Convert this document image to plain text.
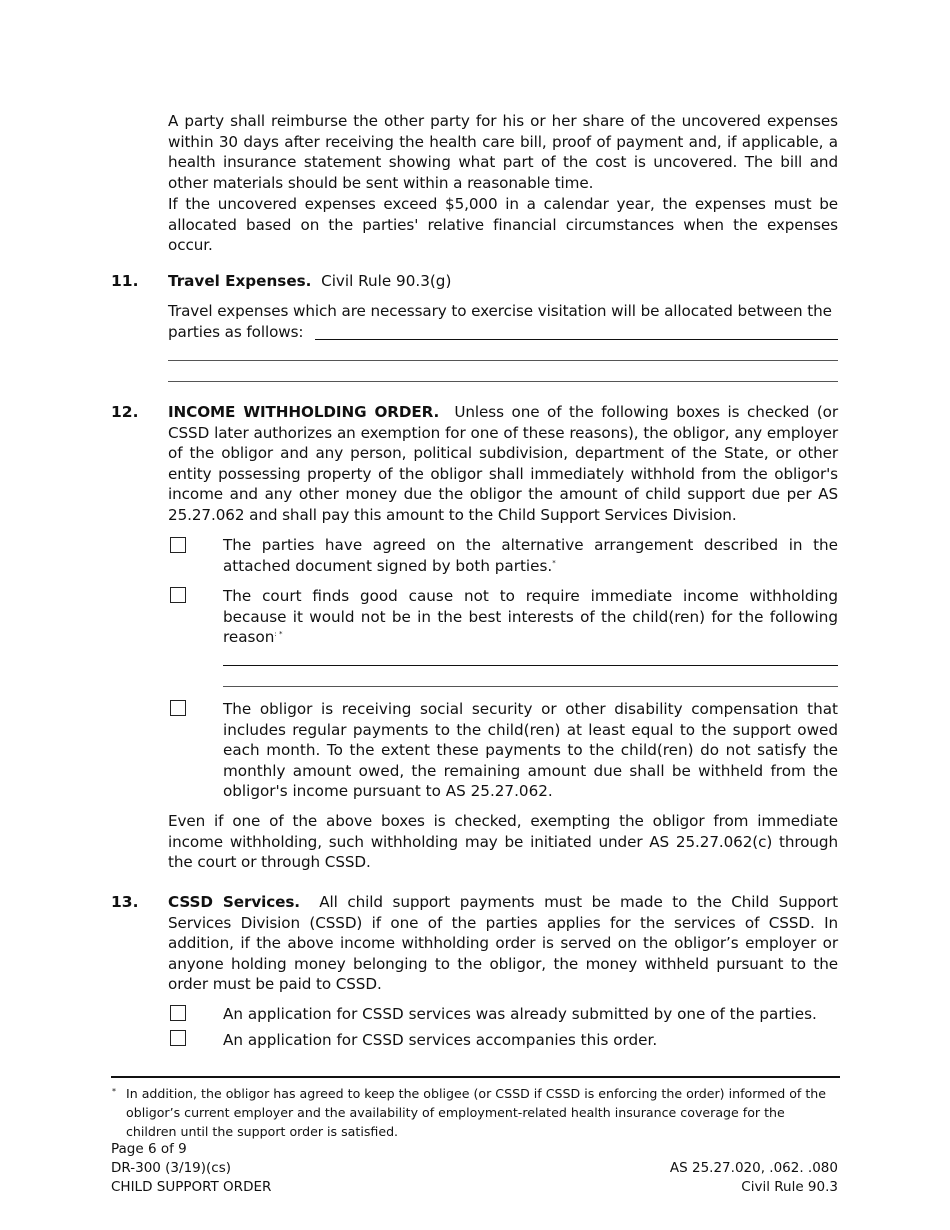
A party shall reimburse the other party for his or her share of the uncovered expenses within 30 days after receiving the health care bill, proof of payment and, if applicable, a health insurance statement showing what part of the cost is uncovered. The bill and other materials should be sent within a reasonable time.

If the uncovered expenses exceed $5,000 in a calendar year, the expenses must be allocated based on the parties' relative financial circumstances when the expenses occur.

11. Travel Expenses. Civil Rule 90.3(g)

Travel expenses which are necessary to exercise visitation will be allocated between the parties as follows:

12. INCOME WITHHOLDING ORDER. Unless one of the following boxes is checked (or CSSD later authorizes an exemption for one of these reasons), the obligor, any employer of the obligor and any person, political subdivision, department of the State, or other entity possessing property of the obligor shall immediately withhold from the obligor's income and any other money due the obligor the amount of child support due per AS 25.27.062 and shall pay this amount to the Child Support Services Division.

The parties have agreed on the alternative arrangement described in the attached document signed by both parties.*

The court finds good cause not to require immediate income withholding because it would not be in the best interests of the child(ren) for the following reason: *

The obligor is receiving social security or other disability compensation that includes regular payments to the child(ren) at least equal to the support owed each month. To the extent these payments to the child(ren) do not satisfy the monthly amount owed, the remaining amount due shall be withheld from the obligor's income pursuant to AS 25.27.062.

Even if one of the above boxes is checked, exempting the obligor from immediate income withholding, such withholding may be initiated under AS 25.27.062(c) through the court or through CSSD.

13. CSSD Services. All child support payments must be made to the Child Support Services Division (CSSD) if one of the parties applies for the services of CSSD. In addition, if the above income withholding order is served on the obligor’s employer or anyone holding money belonging to the obligor, the money withheld pursuant to the order must be paid to CSSD.

An application for CSSD services was already submitted by one of the parties.
An application for CSSD services accompanies this order.
* In addition, the obligor has agreed to keep the obligee (or CSSD if CSSD is enforcing the order) informed of the obligor’s current employer and the availability of employment-related health insurance coverage for the children until the support order is satisfied.

Page 6 of 9
DR-300 (3/19)(cs)
CHILD SUPPORT ORDER
AS 25.27.020, .062. .080
Civil Rule 90.3
